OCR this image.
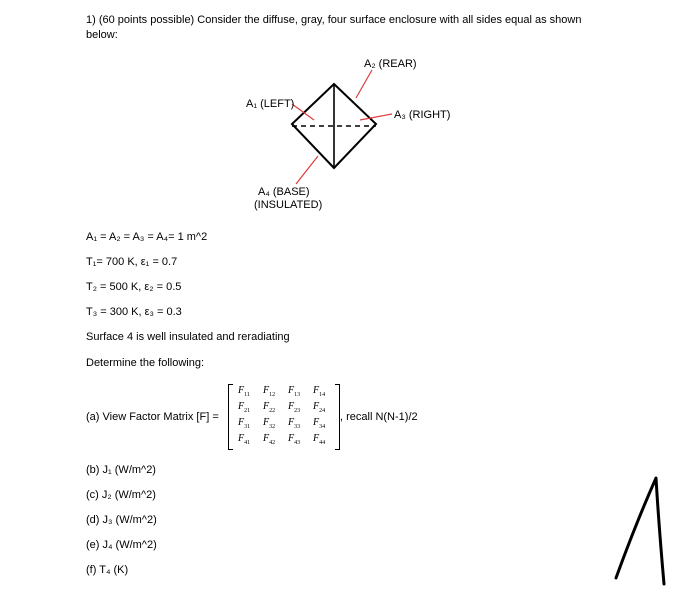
1) (60 points possible) Consider the diffuse, gray, four surface enclosure with all sides equal as shown
below:
A₂ (REAR)
A₁ (LEFT)
A₃ (RIGHT)
A₄ (BASE)
(INSULATED)
A₁ = A₂ = A₃ = A₄= 1 m^2
T₁= 700 K, ε₁ = 0.7
T₂ = 500 K, ε₂ = 0.5
T₃ = 300 K, ε₃ = 0.3
Surface 4 is well insulated and reradiating
Determine the following:
(a) View Factor Matrix [F] =
$F_{11}$ $F_{12}$ $F_{13}$ $F_{14}$
$F_{21}$ $F_{22}$ $F_{23}$ $F_{24}$
$F_{31}$ $F_{32}$ $F_{33}$ $F_{34}$
$F_{41}$ $F_{42}$ $F_{43}$ $F_{44}$
, recall N(N-1)/2
(b) J₁ (W/m^2)
(c) J₂ (W/m^2)
(d) J₃ (W/m^2)
(e) J₄ (W/m^2)
(f) T₄ (K)
